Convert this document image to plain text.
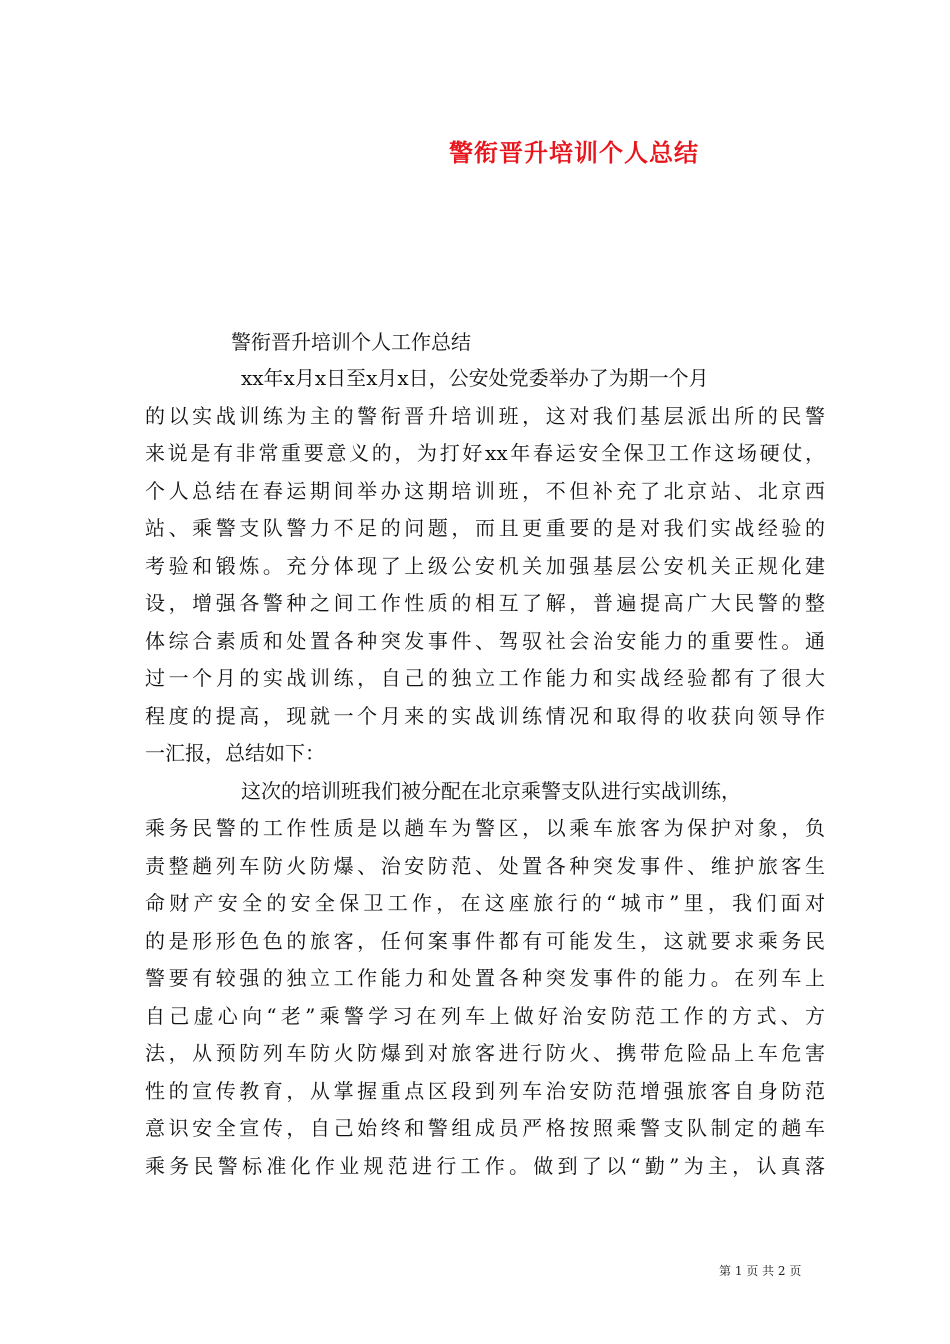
警衔晋升培训个人总结
警衔晋升培训个人工作总结
xx年x月x日至x月x日，公安处党委举办了为期一个月
的以实战训练为主的警衔晋升培训班，这对我们基层派出所的民警
来说是有非常重要意义的，为打好xx年春运安全保卫工作这场硬仗，
个人总结在春运期间举办这期培训班，不但补充了北京站、北京西
站、乘警支队警力不足的问题，而且更重要的是对我们实战经验的
考验和锻炼。充分体现了上级公安机关加强基层公安机关正规化建
设，增强各警种之间工作性质的相互了解，普遍提高广大民警的整
体综合素质和处置各种突发事件、驾驭社会治安能力的重要性。通
过一个月的实战训练，自己的独立工作能力和实战经验都有了很大
程度的提高，现就一个月来的实战训练情况和取得的收获向领导作
一汇报，总结如下：
这次的培训班我们被分配在北京乘警支队进行实战训练，
乘务民警的工作性质是以趟车为警区，以乘车旅客为保护对象，负
责整趟列车防火防爆、治安防范、处置各种突发事件、维护旅客生
命财产安全的安全保卫工作，在这座旅行的“城市”里，我们面对
的是形形色色的旅客，任何案事件都有可能发生，这就要求乘务民
警要有较强的独立工作能力和处置各种突发事件的能力。在列车上
自己虚心向“老”乘警学习在列车上做好治安防范工作的方式、方
法，从预防列车防火防爆到对旅客进行防火、携带危险品上车危害
性的宣传教育，从掌握重点区段到列车治安防范增强旅客自身防范
意识安全宣传，自己始终和警组成员严格按照乘警支队制定的趟车
乘务民警标准化作业规范进行工作。做到了以“勤”为主，认真落
第 1 页 共 2 页
